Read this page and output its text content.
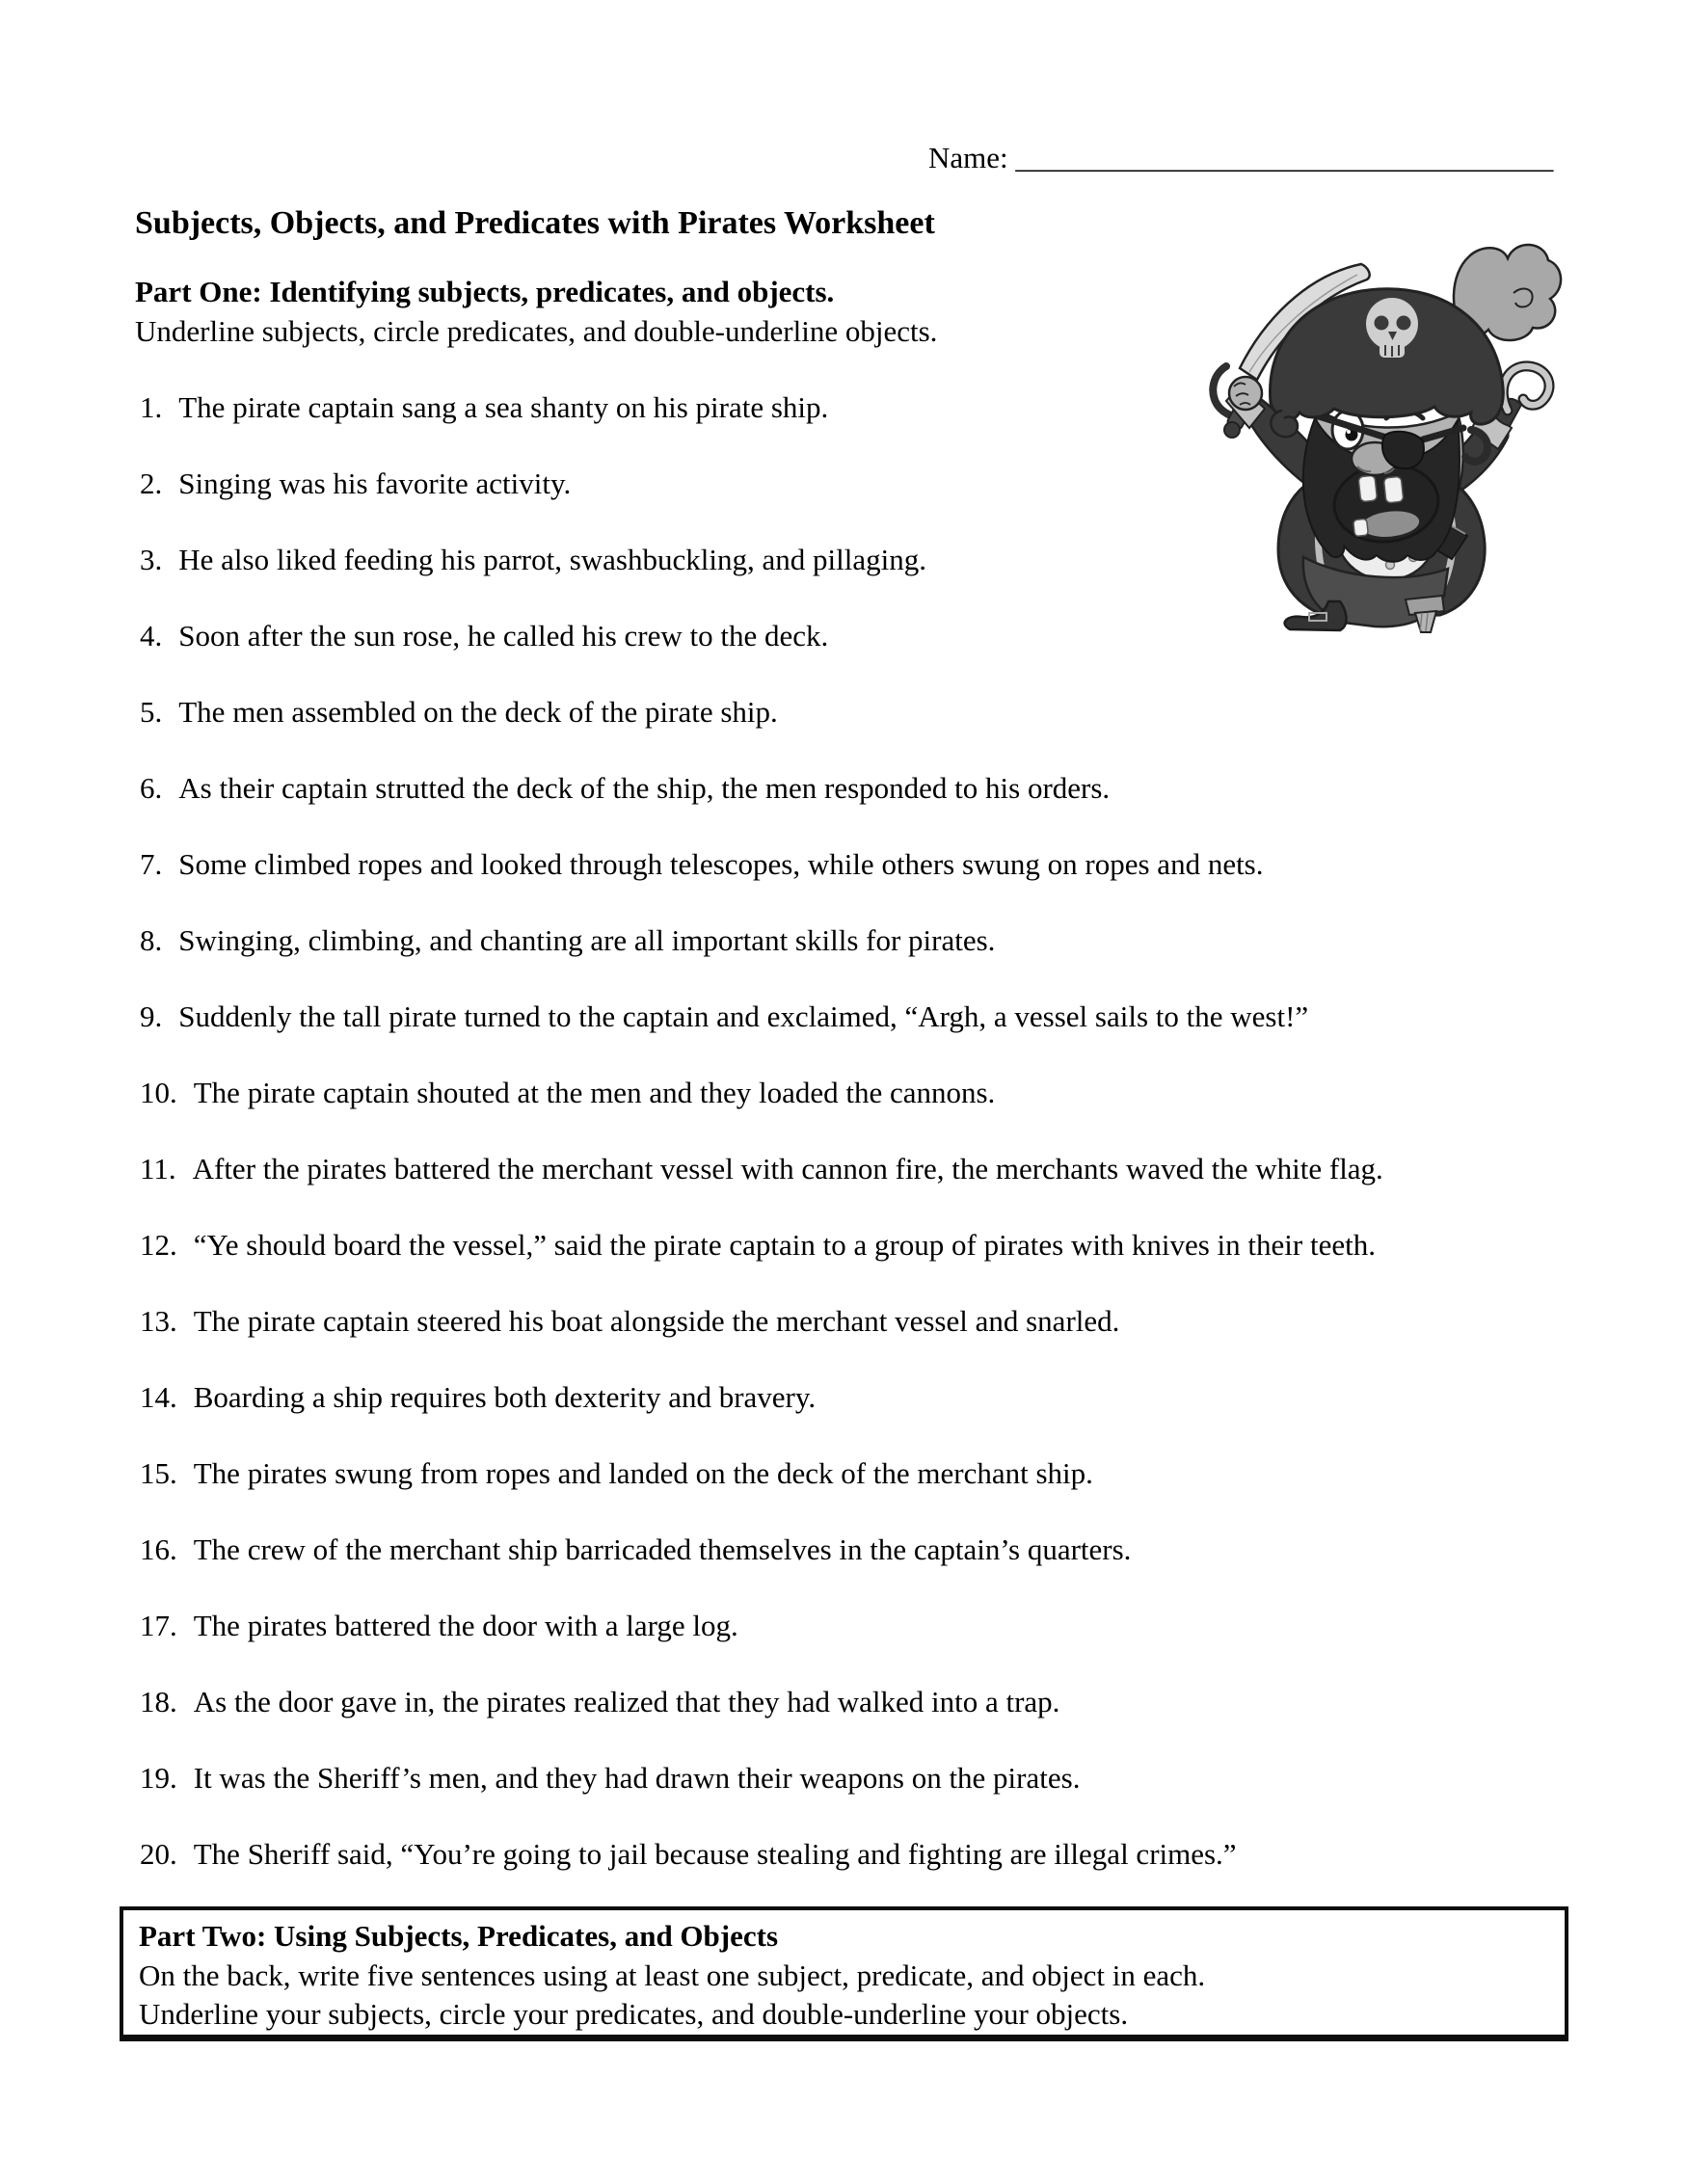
Name: ____________________________________
Subjects, Objects, and Predicates with Pirates Worksheet
Part One: Identifying subjects, predicates, and objects.
Underline subjects, circle predicates, and double-underline objects.
1. The pirate captain sang a sea shanty on his pirate ship.
2. Singing was his favorite activity.
3. He also liked feeding his parrot, swashbuckling, and pillaging.
4. Soon after the sun rose, he called his crew to the deck.
5. The men assembled on the deck of the pirate ship.
6. As their captain strutted the deck of the ship, the men responded to his orders.
7. Some climbed ropes and looked through telescopes, while others swung on ropes and nets.
8. Swinging, climbing, and chanting are all important skills for pirates.
9. Suddenly the tall pirate turned to the captain and exclaimed, “Argh, a vessel sails to the west!”
10. The pirate captain shouted at the men and they loaded the cannons.
11. After the pirates battered the merchant vessel with cannon fire, the merchants waved the white flag.
12. “Ye should board the vessel,” said the pirate captain to a group of pirates with knives in their teeth.
13. The pirate captain steered his boat alongside the merchant vessel and snarled.
14. Boarding a ship requires both dexterity and bravery.
15. The pirates swung from ropes and landed on the deck of the merchant ship.
16. The crew of the merchant ship barricaded themselves in the captain’s quarters.
17. The pirates battered the door with a large log.
18. As the door gave in, the pirates realized that they had walked into a trap.
19. It was the Sheriff’s men, and they had drawn their weapons on the pirates.
20. The Sheriff said, “You’re going to jail because stealing and fighting are illegal crimes.”
Part Two: Using Subjects, Predicates, and Objects
On the back, write five sentences using at least one subject, predicate, and object in each.
Underline your subjects, circle your predicates, and double-underline your objects.
